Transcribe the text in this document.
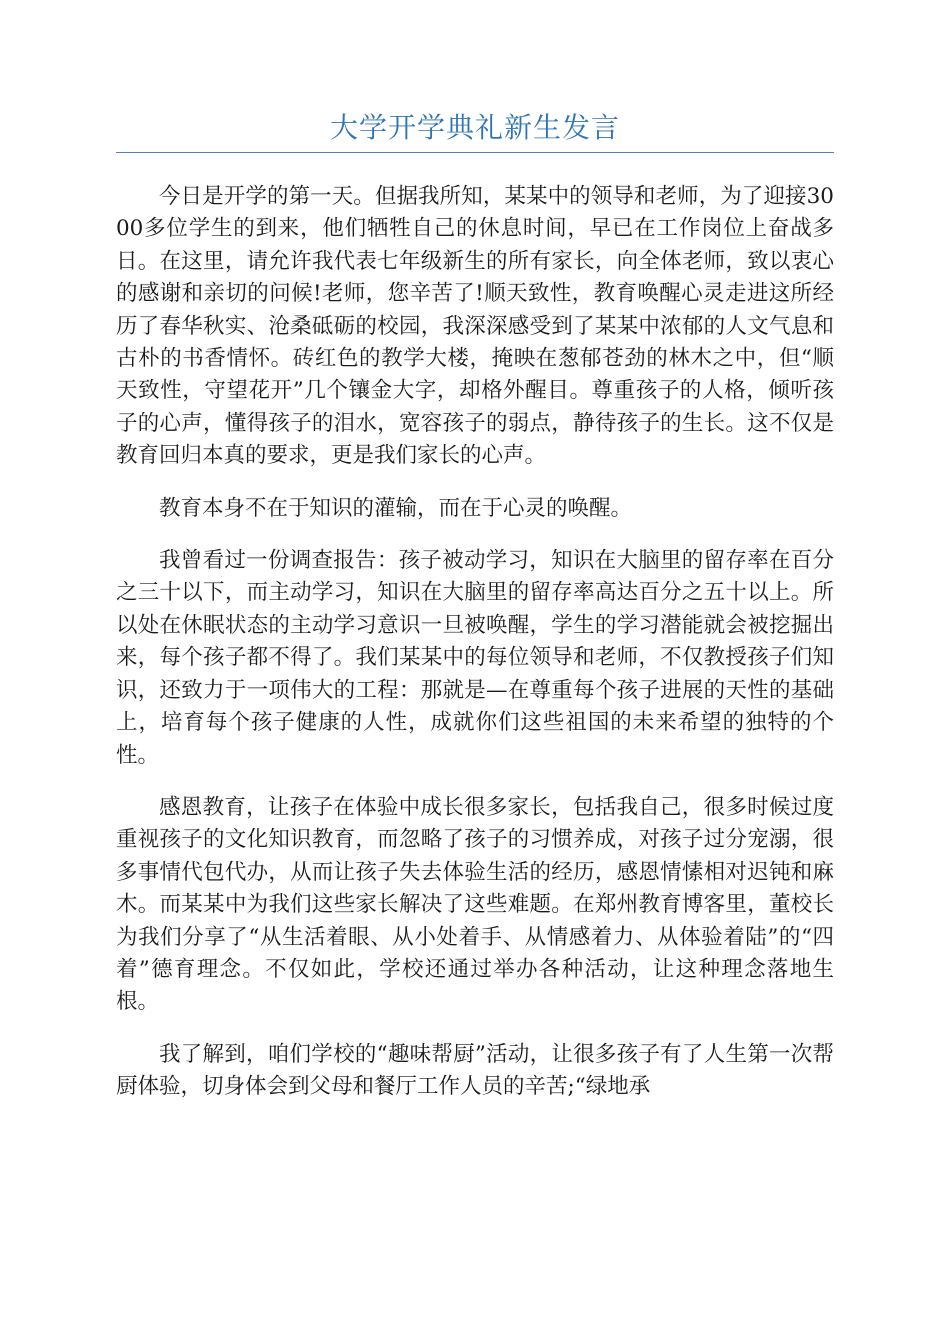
大学开学典礼新生发言

今日是开学的第一天。但据我所知，某某中的领导和老师，为了迎接3000多位学生的到来，他们牺牲自己的休息时间，早已在工作岗位上奋战多日。在这里，请允许我代表七年级新生的所有家长，向全体老师，致以衷心的感谢和亲切的问候!老师，您辛苦了!顺天致性，教育唤醒心灵走进这所经历了春华秋实、沧桑砥砺的校园，我深深感受到了某某中浓郁的人文气息和古朴的书香情怀。砖红色的教学大楼，掩映在葱郁苍劲的林木之中，但“顺天致性，守望花开”几个镶金大字，却格外醒目。尊重孩子的人格，倾听孩子的心声，懂得孩子的泪水，宽容孩子的弱点，静待孩子的生长。这不仅是教育回归本真的要求，更是我们家长的心声。

教育本身不在于知识的灌输，而在于心灵的唤醒。

我曾看过一份调查报告：孩子被动学习，知识在大脑里的留存率在百分之三十以下，而主动学习，知识在大脑里的留存率高达百分之五十以上。所以处在休眠状态的主动学习意识一旦被唤醒，学生的学习潜能就会被挖掘出来，每个孩子都不得了。我们某某中的每位领导和老师，不仅教授孩子们知识，还致力于一项伟大的工程：那就是—在尊重每个孩子进展的天性的基础上，培育每个孩子健康的人性，成就你们这些祖国的未来希望的独特的个性。

感恩教育，让孩子在体验中成长很多家长，包括我自己，很多时候过度重视孩子的文化知识教育，而忽略了孩子的习惯养成，对孩子过分宠溺，很多事情代包代办，从而让孩子失去体验生活的经历，感恩情愫相对迟钝和麻木。而某某中为我们这些家长解决了这些难题。在郑州教育博客里，董校长为我们分享了“从生活着眼、从小处着手、从情感着力、从体验着陆”的“四着”德育理念。不仅如此，学校还通过举办各种活动，让这种理念落地生根。

我了解到，咱们学校的“趣味帮厨”活动，让很多孩子有了人生第一次帮厨体验，切身体会到父母和餐厅工作人员的辛苦;“绿地承
